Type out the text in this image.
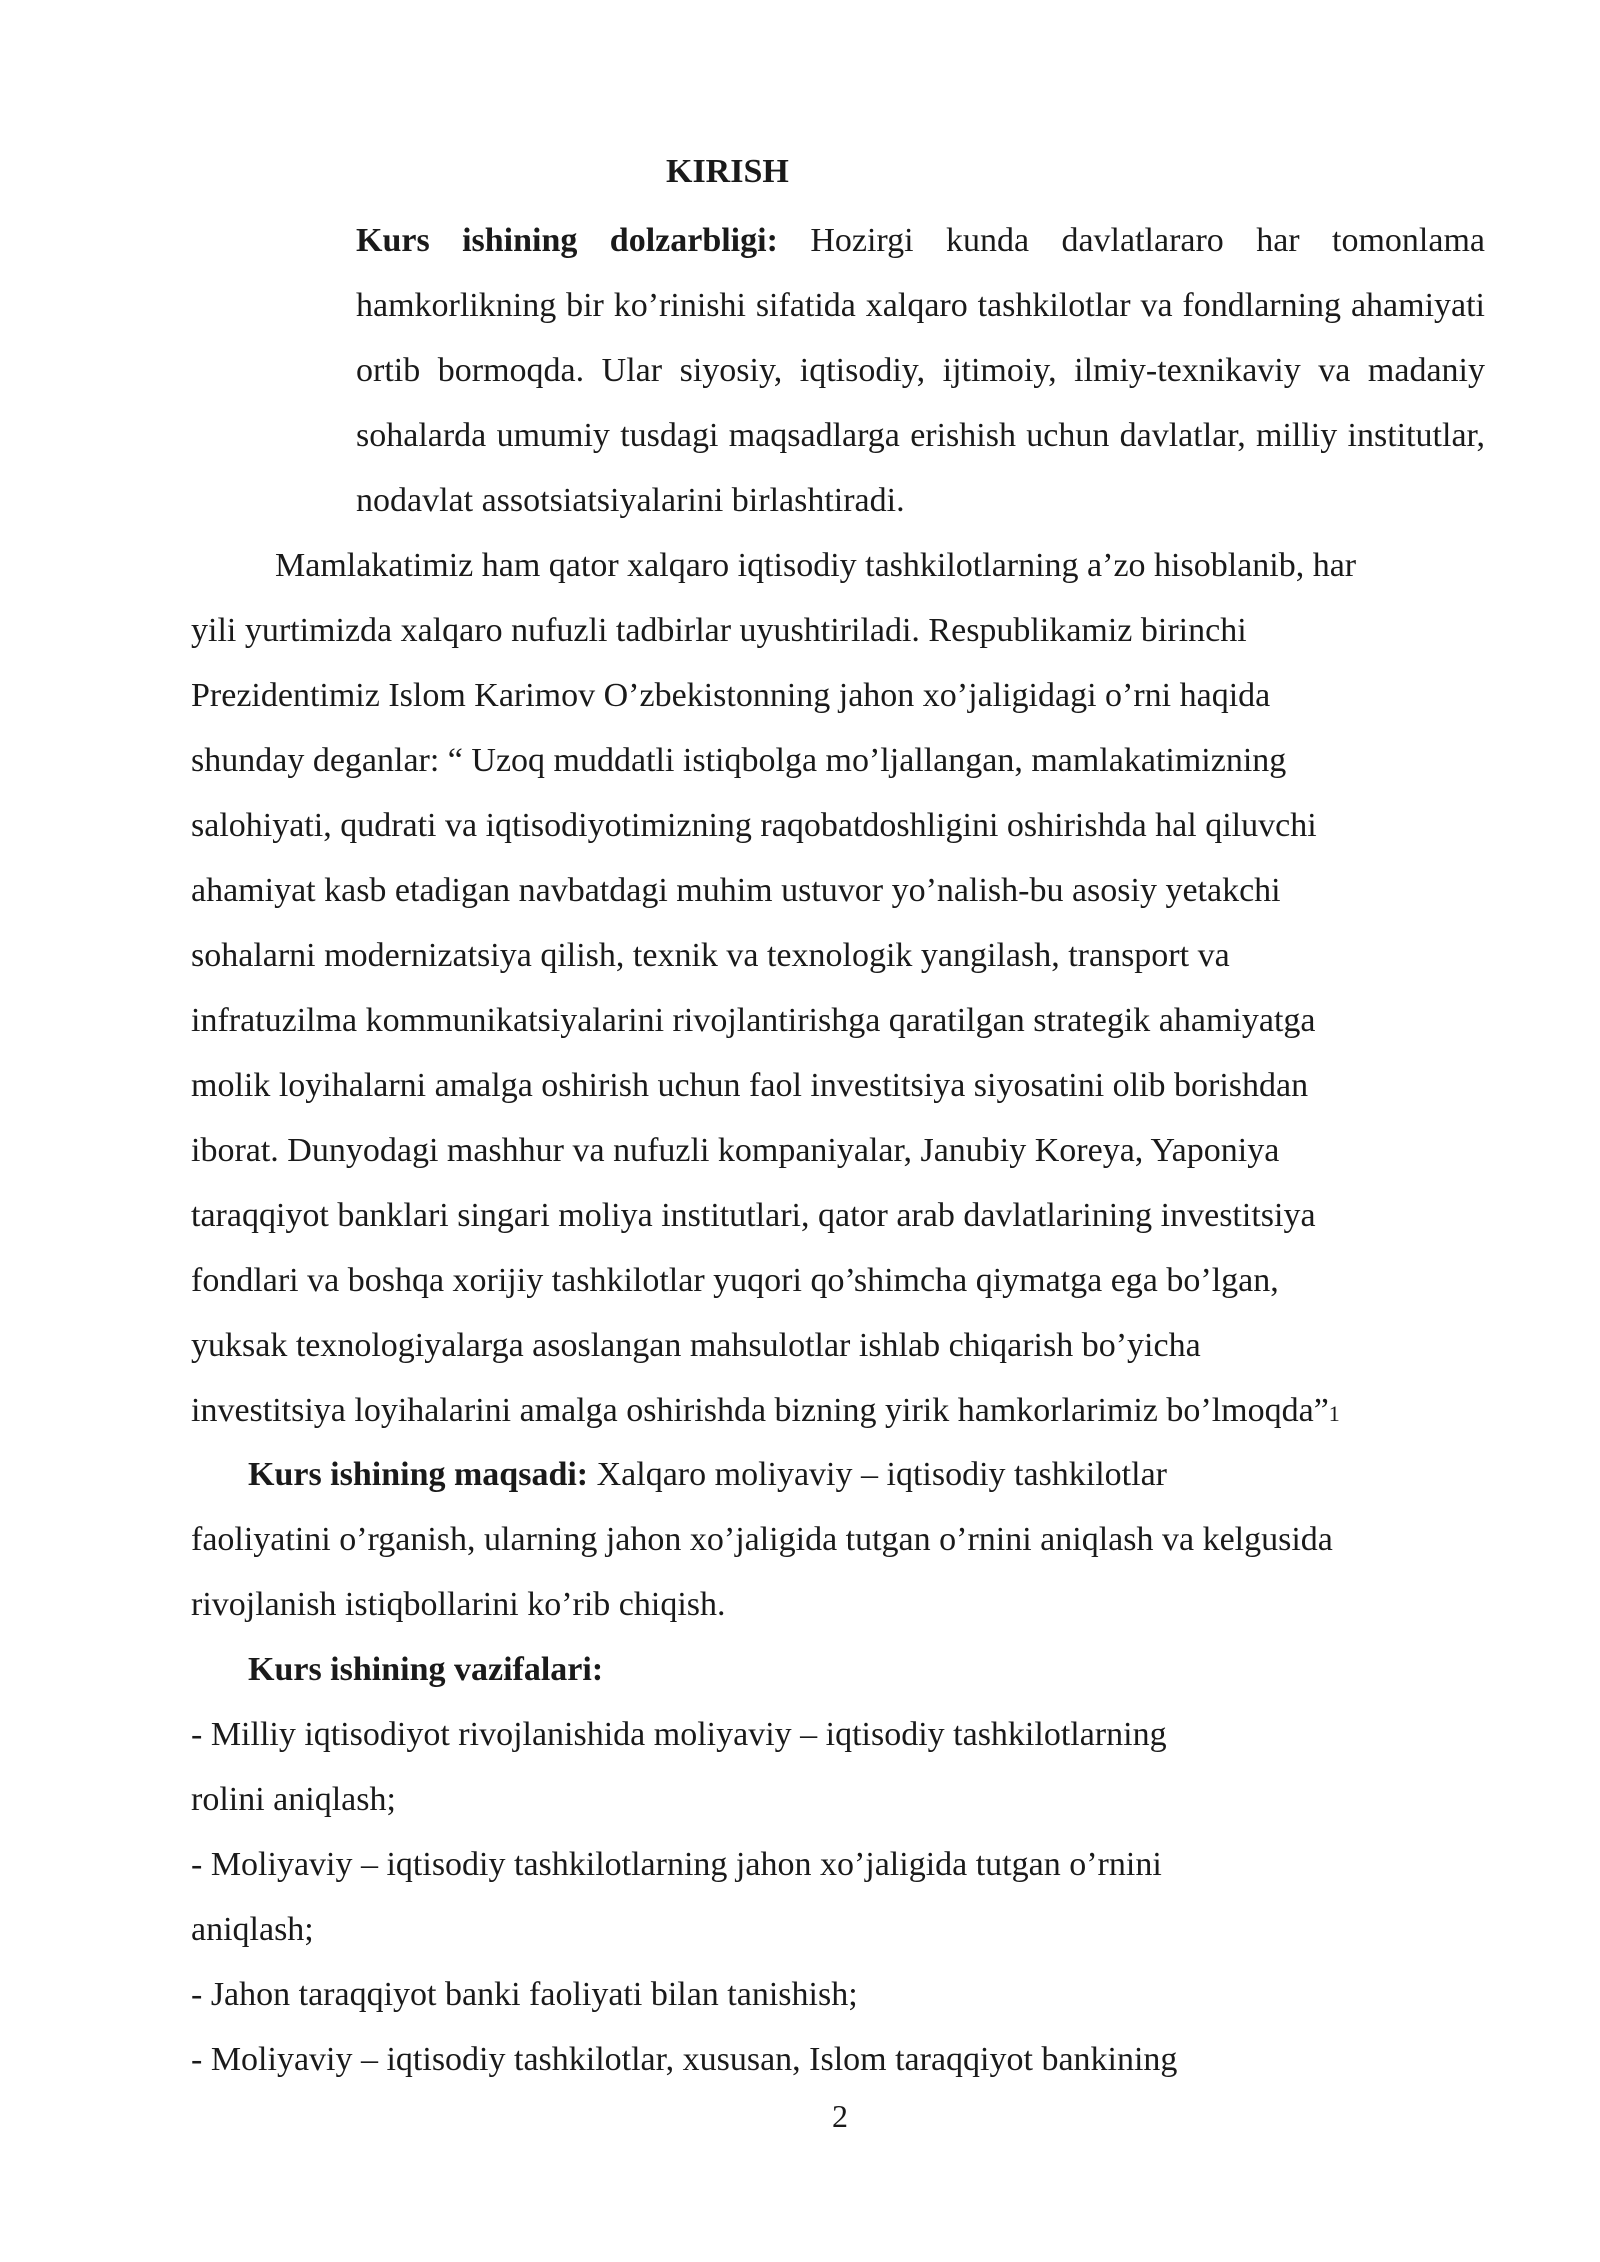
KIRISH

Kurs ishining dolzarbligi: Hozirgi kunda davlatlararo har tomonlama hamkorlikning bir ko’rinishi sifatida xalqaro tashkilotlar va fondlarning ahamiyati ortib bormoqda. Ular siyosiy, iqtisodiy, ijtimoiy, ilmiy-texnikaviy va madaniy sohalarda umumiy tusdagi maqsadlarga erishish uchun davlatlar, milliy institutlar, nodavlat assotsiatsiyalarini birlashtiradi.

Mamlakatimiz ham qator xalqaro iqtisodiy tashkilotlarning a’zo hisoblanib, har
yili yurtimizda xalqaro nufuzli tadbirlar uyushtiriladi. Respublikamiz birinchi
Prezidentimiz Islom Karimov O’zbekistonning jahon xo’jaligidagi o’rni haqida
shunday deganlar: “ Uzoq muddatli istiqbolga mo’ljallangan, mamlakatimizning
salohiyati, qudrati va iqtisodiyotimizning raqobatdoshligini oshirishda hal qiluvchi
ahamiyat kasb etadigan navbatdagi muhim ustuvor yo’nalish-bu asosiy yetakchi
sohalarni modernizatsiya qilish, texnik va texnologik yangilash, transport va
infratuzilma kommunikatsiyalarini rivojlantirishga qaratilgan strategik ahamiyatga
molik loyihalarni amalga oshirish uchun faol investitsiya siyosatini olib borishdan
iborat. Dunyodagi mashhur va nufuzli kompaniyalar, Janubiy Koreya, Yaponiya
taraqqiyot banklari singari moliya institutlari, qator arab davlatlarining investitsiya
fondlari va boshqa xorijiy tashkilotlar yuqori qo’shimcha qiymatga ega bo’lgan,
yuksak texnologiyalarga asoslangan mahsulotlar ishlab chiqarish bo’yicha
investitsiya loyihalarini amalga oshirishda bizning yirik hamkorlarimiz bo’lmoqda”1
Kurs ishining maqsadi: Xalqaro moliyaviy – iqtisodiy tashkilotlar
faoliyatini o’rganish, ularning jahon xo’jaligida tutgan o’rnini aniqlash va kelgusida
rivojlanish istiqbollarini ko’rib chiqish.
Kurs ishining vazifalari:
- Milliy iqtisodiyot rivojlanishida moliyaviy – iqtisodiy tashkilotlarning
rolini aniqlash;
- Moliyaviy – iqtisodiy tashkilotlarning jahon xo’jaligida tutgan o’rnini
aniqlash;
- Jahon taraqqiyot banki faoliyati bilan tanishish;
- Moliyaviy – iqtisodiy tashkilotlar, xususan, Islom taraqqiyot bankining
2
